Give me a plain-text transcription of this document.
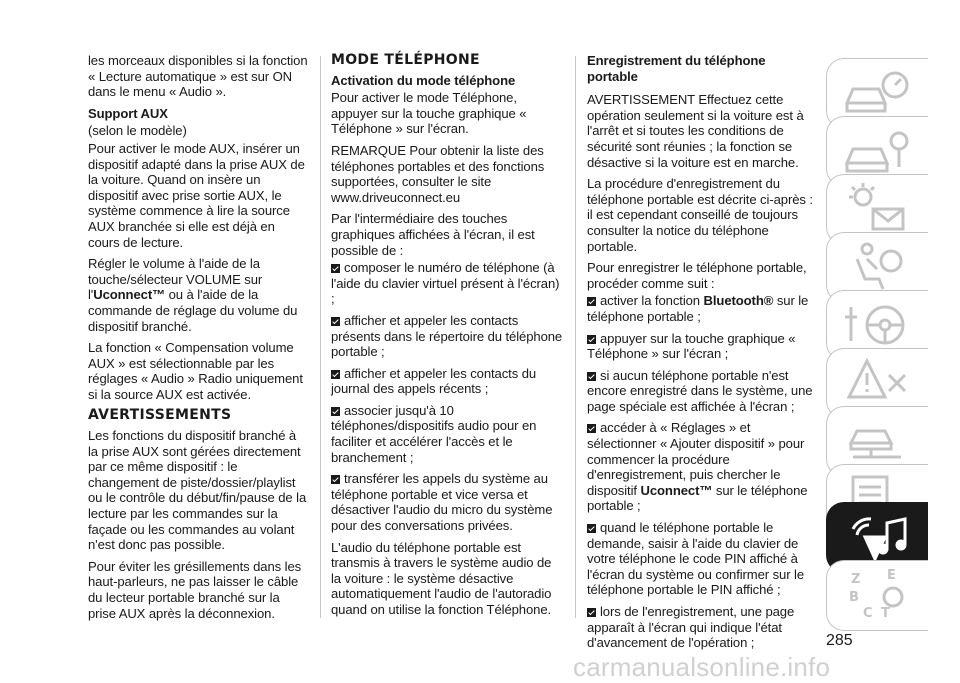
les morceaux disponibles si la fonction « Lecture automatique » est sur ON dans le menu « Audio ».

Support AUX

(selon le modèle)

Pour activer le mode AUX, insérer un dispositif adapté dans la prise AUX de la voiture. Quand on insère un dispositif avec prise sortie AUX, le système commence à lire la source AUX branchée si elle est déjà en cours de lecture.

Régler le volume à l'aide de la touche/sélecteur VOLUME sur l'Uconnect™ ou à l'aide de la commande de réglage du volume du dispositif branché.

La fonction « Compensation volume AUX » est sélectionnable par les réglages « Audio » Radio uniquement si la source AUX est activée.

AVERTISSEMENTS

Les fonctions du dispositif branché à la prise AUX sont gérées directement par ce même dispositif : le changement de piste/dossier/playlist ou le contrôle du début/fin/pause de la lecture par les commandes sur la façade ou les commandes au volant n'est donc pas possible.

Pour éviter les grésillements dans les haut-parleurs, ne pas laisser le câble du lecteur portable branché sur la prise AUX après la déconnexion.

MODE TÉLÉPHONE
Activation du mode téléphone

Pour activer le mode Téléphone, appuyer sur la touche graphique « Téléphone » sur l'écran.

REMARQUE Pour obtenir la liste des téléphones portables et des fonctions supportées, consulter le site www.driveuconnect.eu

Par l'intermédiaire des touches graphiques affichées à l'écran, il est possible de :

composer le numéro de téléphone (à l'aide du clavier virtuel présent à l'écran) ;

afficher et appeler les contacts présents dans le répertoire du téléphone portable ;

afficher et appeler les contacts du journal des appels récents ;

associer jusqu'à 10 téléphones/dispositifs audio pour en faciliter et accélérer l'accès et le branchement ;

transférer les appels du système au téléphone portable et vice versa et désactiver l'audio du micro du système pour des conversations privées.

L'audio du téléphone portable est transmis à travers le système audio de la voiture : le système désactive automatiquement l'audio de l'autoradio quand on utilise la fonction Téléphone.

Enregistrement du téléphone portable

AVERTISSEMENT Effectuez cette opération seulement si la voiture est à l'arrêt et si toutes les conditions de sécurité sont réunies ; la fonction se désactive si la voiture est en marche.

La procédure d'enregistrement du téléphone portable est décrite ci-après : il est cependant conseillé de toujours consulter la notice du téléphone portable.

Pour enregistrer le téléphone portable, procéder comme suit :

activer la fonction Bluetooth® sur le téléphone portable ;

appuyer sur la touche graphique « Téléphone » sur l'écran ;

si aucun téléphone portable n'est encore enregistré dans le système, une page spéciale est affichée à l'écran ;

accéder à « Réglages » et sélectionner « Ajouter dispositif » pour commencer la procédure d'enregistrement, puis chercher le dispositif Uconnect™ sur le téléphone portable ;

quand le téléphone portable le demande, saisir à l'aide du clavier de votre téléphone le code PIN affiché à l'écran du système ou confirmer sur le téléphone portable le PIN affiché ;

lors de l'enregistrement, une page apparaît à l'écran qui indique l'état d'avancement de l'opération ;

Z E
B
C T
285
carmanualsonline.info
